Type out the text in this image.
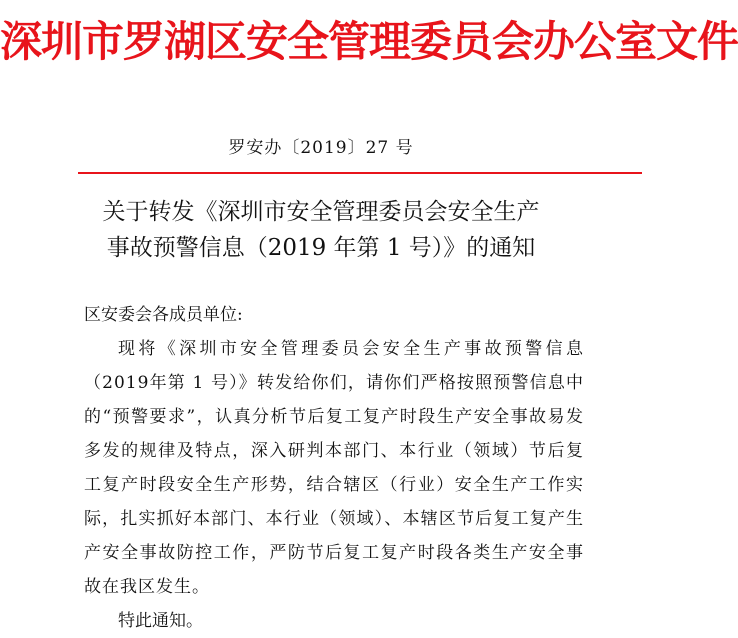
深圳市罗湖区安全管理委员会办公室文件
罗安办〔2019〕27 号
关于转发《深圳市安全管理委员会安全生产
事故预警信息（2019 年第 1 号）》的通知
区安委会各成员单位:
现将《深圳市安全管理委员会安全生产事故预警信息（2019年第 1 号）》转发给你们，请你们严格按照预警信息中的“预警要求”，认真分析节后复工复产时段生产安全事故易发多发的规律及特点，深入研判本部门、本行业（领域）节后复工复产时段安全生产形势，结合辖区（行业）安全生产工作实际，扎实抓好本部门、本行业（领域）、本辖区节后复工复产生产安全事故防控工作，严防节后复工复产时段各类生产安全事故在我区发生。
特此通知。
